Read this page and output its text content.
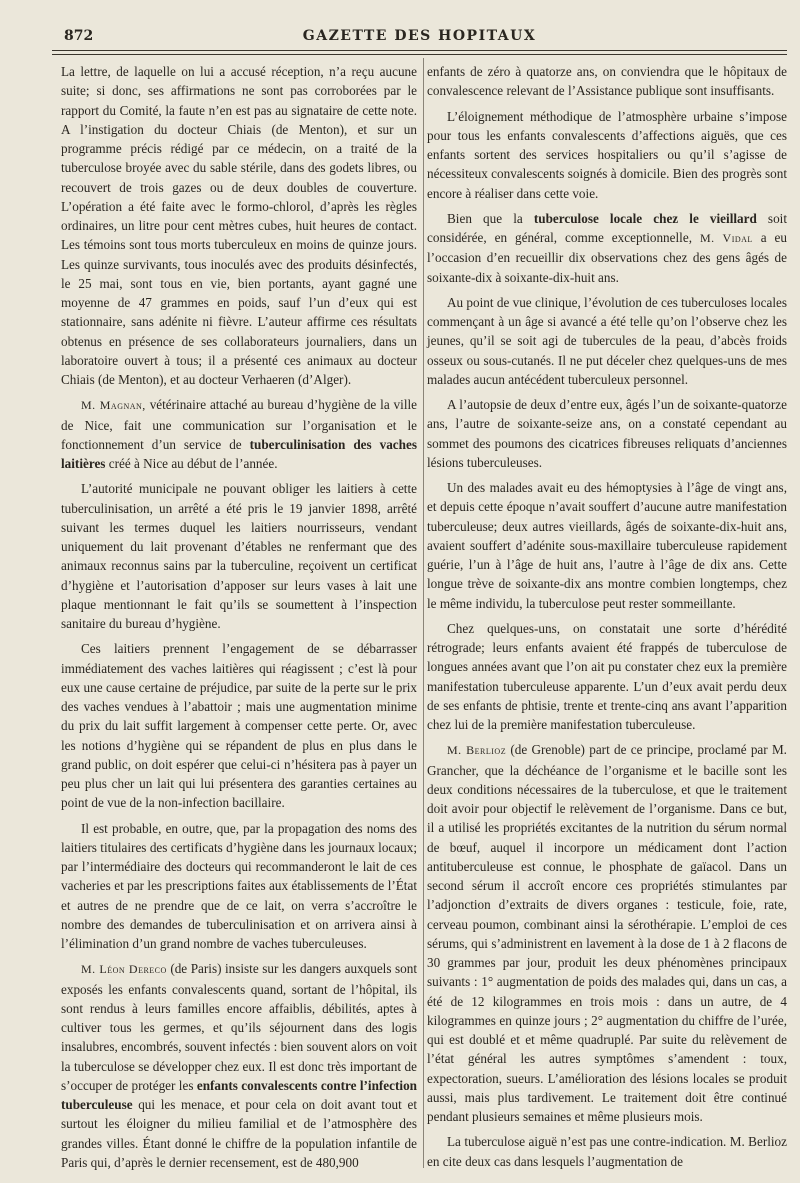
872	GAZETTE DES HOPITAUX

La lettre, de laquelle on lui a accusé réception, n’a reçu aucune suite; si donc, ses affirmations ne sont pas corroborées par le rapport du Comité, la faute n’en est pas au signataire de cette note. A l’instigation du docteur Chiais (de Menton), et sur un programme précis rédigé par ce médecin, on a traité de la tuberculose broyée avec du sable stérile, dans des godets libres, ou recouvert de trois gazes ou de deux doubles de couverture. L’opération a été faite avec le formo-chlorol, d’après les règles ordinaires, un litre pour cent mètres cubes, huit heures de contact. Les témoins sont tous morts tuberculeux en moins de quinze jours. Les quinze survivants, tous inoculés avec des produits désinfectés, le 25 mai, sont tous en vie, bien portants, ayant gagné une moyenne de 47 grammes en poids, sauf l’un d’eux qui est stationnaire, sans adénite ni fièvre. L’auteur affirme ces résultats obtenus en présence de ses collaborateurs journaliers, dans un laboratoire ouvert à tous; il a présenté ces animaux au docteur Chiais (de Menton), et au docteur Verhaeren (d’Alger).

M. Magnan, vétérinaire attaché au bureau d’hygiène de la ville de Nice, fait une communication sur l’organisation et le fonctionnement d’un service de tuberculinisation des vaches laitières créé à Nice au début de l’année.

L’autorité municipale ne pouvant obliger les laitiers à cette tuberculinisation, un arrêté a été pris le 19 janvier 1898, arrêté suivant les termes duquel les laitiers nourrisseurs, vendant uniquement du lait provenant d’étables ne renfermant que des animaux reconnus sains par la tuberculine, reçoivent un certificat d’hygiène et l’autorisation d’apposer sur leurs vases à lait une plaque mentionnant le fait qu’ils se soumettent à l’inspection sanitaire du bureau d’hygiène.

Ces laitiers prennent l’engagement de se débarrasser immédiatement des vaches laitières qui réagissent ; c’est là pour eux une cause certaine de préjudice, par suite de la perte sur le prix des vaches vendues à l’abattoir ; mais une augmentation minime du prix du lait suffit largement à compenser cette perte. Or, avec les notions d’hygiène qui se répandent de plus en plus dans le grand public, on doit espérer que celui-ci n’hésitera pas à payer un peu plus cher un lait qui lui présentera des garanties certaines au point de vue de la non-infection bacillaire.

Il est probable, en outre, que, par la propagation des noms des laitiers titulaires des certificats d’hygiène dans les journaux locaux; par l’intermédiaire des docteurs qui recommanderont le lait de ces vacheries et par les prescriptions faites aux établissements de l’État et autres de ne prendre que de ce lait, on verra s’accroître le nombre des demandes de tuberculinisation et on arrivera ainsi à l’élimination d’un grand nombre de vaches tuberculeuses.

M. Léon Dereco (de Paris) insiste sur les dangers auxquels sont exposés les enfants convalescents quand, sortant de l’hôpital, ils sont rendus à leurs familles encore affaiblis, débilités, aptes à cultiver tous les germes, et qu’ils séjournent dans des logis insalubres, encombrés, souvent infectés : bien souvent alors on voit la tuberculose se développer chez eux. Il est donc très important de s’occuper de protéger les enfants convalescents contre l’infection tuberculeuse qui les menace, et pour cela on doit avant tout et surtout les éloigner du milieu familial et de l’atmosphère des grandes villes. Étant donné le chiffre de la population infantile de Paris qui, d’après le dernier recensement, est de 480,900

enfants de zéro à quatorze ans, on conviendra que le hôpitaux de convalescence relevant de l’Assistance publique sont insuffisants.

L’éloignement méthodique de l’atmosphère urbaine s’impose pour tous les enfants convalescents d’affections aiguës, que ces enfants sortent des services hospitaliers ou qu’il s’agisse de nécessiteux convalescents soignés à domicile. Bien des progrès sont encore à réaliser dans cette voie.

Bien que la tuberculose locale chez le vieillard soit considérée, en général, comme exceptionnelle, M. Vidal a eu l’occasion d’en recueillir dix observations chez des gens âgés de soixante-dix à soixante-dix-huit ans.

Au point de vue clinique, l’évolution de ces tuberculoses locales commençant à un âge si avancé a été telle qu’on l’observe chez les jeunes, qu’il se soit agi de tubercules de la peau, d’abcès froids osseux ou sous-cutanés. Il ne put déceler chez quelques-uns de mes malades aucun antécédent tuberculeux personnel.

A l’autopsie de deux d’entre eux, âgés l’un de soixante-quatorze ans, l’autre de soixante-seize ans, on a constaté cependant au sommet des poumons des cicatrices fibreuses reliquats d’anciennes lésions tuberculeuses.

Un des malades avait eu des hémoptysies à l’âge de vingt ans, et depuis cette époque n’avait souffert d’aucune autre manifestation tuberculeuse; deux autres vieillards, âgés de soixante-dix-huit ans, avaient souffert d’adénite sous-maxillaire tuberculeuse rapidement guérie, l’un à l’âge de huit ans, l’autre à l’âge de dix ans. Cette longue trève de soixante-dix ans montre combien longtemps, chez le même individu, la tuberculose peut rester sommeillante.

Chez quelques-uns, on constatait une sorte d’hérédité rétrograde; leurs enfants avaient été frappés de tuberculose de longues années avant que l’on ait pu constater chez eux la première manifestation tuberculeuse apparente. L’un d’eux avait perdu deux de ses enfants de phtisie, trente et trente-cinq ans avant l’apparition chez lui de la première manifestation tuberculeuse.

M. Berlioz (de Grenoble) part de ce principe, proclamé par M. Grancher, que la déchéance de l’organisme et le bacille sont les deux conditions nécessaires de la tuberculose, et que le traitement doit avoir pour objectif le relèvement de l’organisme. Dans ce but, il a utilisé les propriétés excitantes de la nutrition du sérum normal de bœuf, auquel il incorpore un médicament dont l’action antituberculeuse est connue, le phosphate de gaïacol. Dans un second sérum il accroît encore ces propriétés stimulantes par l’adjonction d’extraits de divers organes : testicule, foie, rate, cerveau poumon, combinant ainsi la sérothérapie. L’emploi de ces sérums, qui s’administrent en lavement à la dose de 1 à 2 flacons de 30 grammes par jour, produit les deux phénomènes principaux suivants : 1° augmentation de poids des malades qui, dans un cas, a été de 12 kilogrammes en trois mois : dans un autre, de 4 kilogrammes en quinze jours ; 2° augmentation du chiffre de l’urée, qui est doublé et et même quadruplé. Par suite du relèvement de l’état général les autres symptômes s’amendent : toux, expectoration, sueurs. L’amélioration des lésions locales se produit aussi, mais plus tardivement. Le traitement doit être continué pendant plusieurs semaines et même plusieurs mois.

La tuberculose aiguë n’est pas une contre-indication. M. Berlioz en cite deux cas dans lesquels l’augmentation de
